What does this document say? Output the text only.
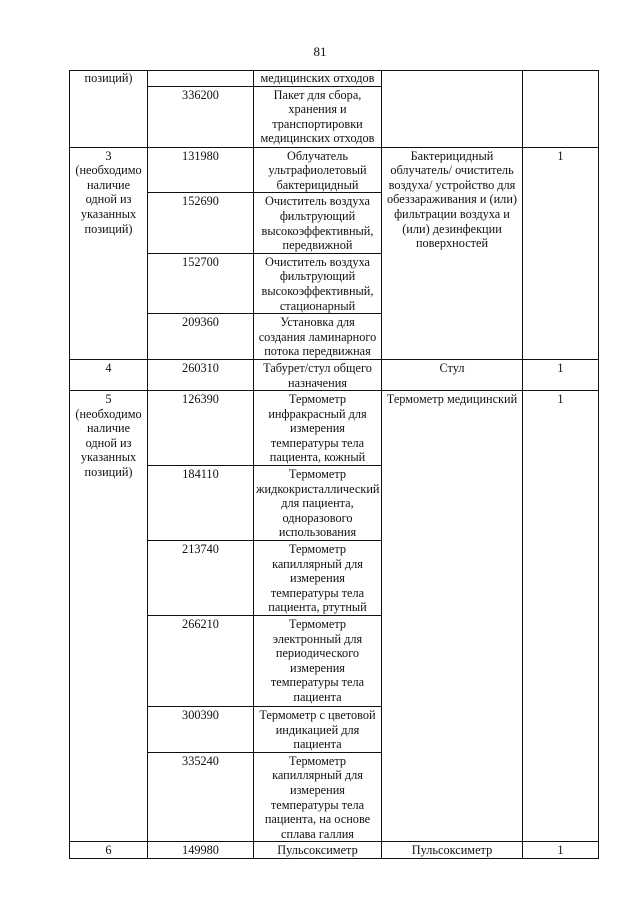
81
позиций)		медицинских отходов		
	336200	Пакет для сбора, хранения и транспортировки медицинских отходов		
3 (необходимо наличие одной из указанных позиций)	131980	Облучатель ультрафиолетовый бактерицидный	Бактерицидный облучатель/ очиститель воздуха/ устройство для обеззараживания и (или) фильтрации воздуха и (или) дезинфекции поверхностей	1
	152690	Очиститель воздуха фильтрующий высокоэффективный, передвижной		
	152700	Очиститель воздуха фильтрующий высокоэффективный, стационарный		
	209360	Установка для создания ламинарного потока передвижная		
4	260310	Табурет/стул общего назначения	Стул	1
5 (необходимо наличие одной из указанных позиций)	126390	Термометр инфракрасный для измерения температуры тела пациента, кожный	Термометр медицинский	1
	184110	Термометр жидкокристаллический для пациента, одноразового использования		
	213740	Термометр капиллярный для измерения температуры тела пациента, ртутный		
	266210	Термометр электронный для периодического измерения температуры тела пациента		
	300390	Термометр с цветовой индикацией для пациента		
	335240	Термометр капиллярный для измерения температуры тела пациента, на основе сплава галлия		
6	149980	Пульсоксиметр	Пульсоксиметр	1
